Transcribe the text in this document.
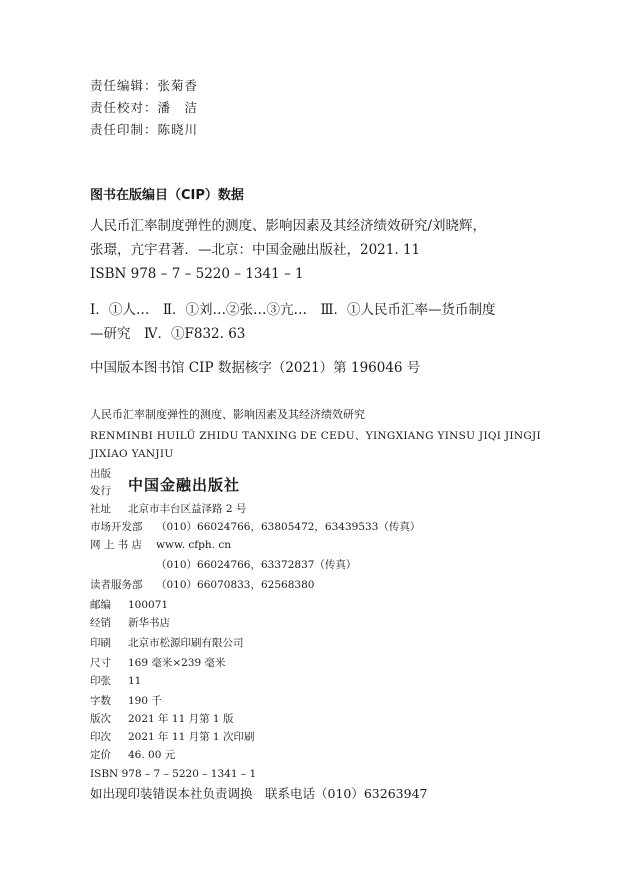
责任编辑：张菊香
责任校对：潘　洁
责任印制：陈晓川
图书在版编目（CIP）数据
人民币汇率制度弹性的测度、影响因素及其经济绩效研究/刘晓辉，
张璟，亢宇君著．—北京：中国金融出版社，2021. 11
ISBN 978 – 7 – 5220 – 1341 – 1
Ⅰ．①人…　Ⅱ．①刘…②张…③亢…　Ⅲ．①人民币汇率—货币制度
—研究　Ⅳ．①F832. 63
中国版本图书馆 CIP 数据核字（2021）第 196046 号
人民币汇率制度弹性的测度、影响因素及其经济绩效研究
RENMINBI HUILÜ ZHIDU TANXING DE CEDU、YINGXIANG YINSU JIQI JINGJI
JIXIAO YANJIU
出版
发行 中国金融出版社
社址 北京市丰台区益泽路 2 号
市场开发部 （010）66024766，63805472，63439533（传真）
网 上 书 店 www. cfph. cn
（010）66024766，63372837（传真）
读者服务部 （010）66070833，62568380
邮编 100071
经销 新华书店
印刷 北京市松源印刷有限公司
尺寸 169 毫米×239 毫米
印张 11
字数 190 千
版次 2021 年 11 月第 1 版
印次 2021 年 11 月第 1 次印刷
定价 46. 00 元
ISBN 978 – 7 – 5220 – 1341 – 1
如出现印装错误本社负责调换　联系电话（010）63263947
